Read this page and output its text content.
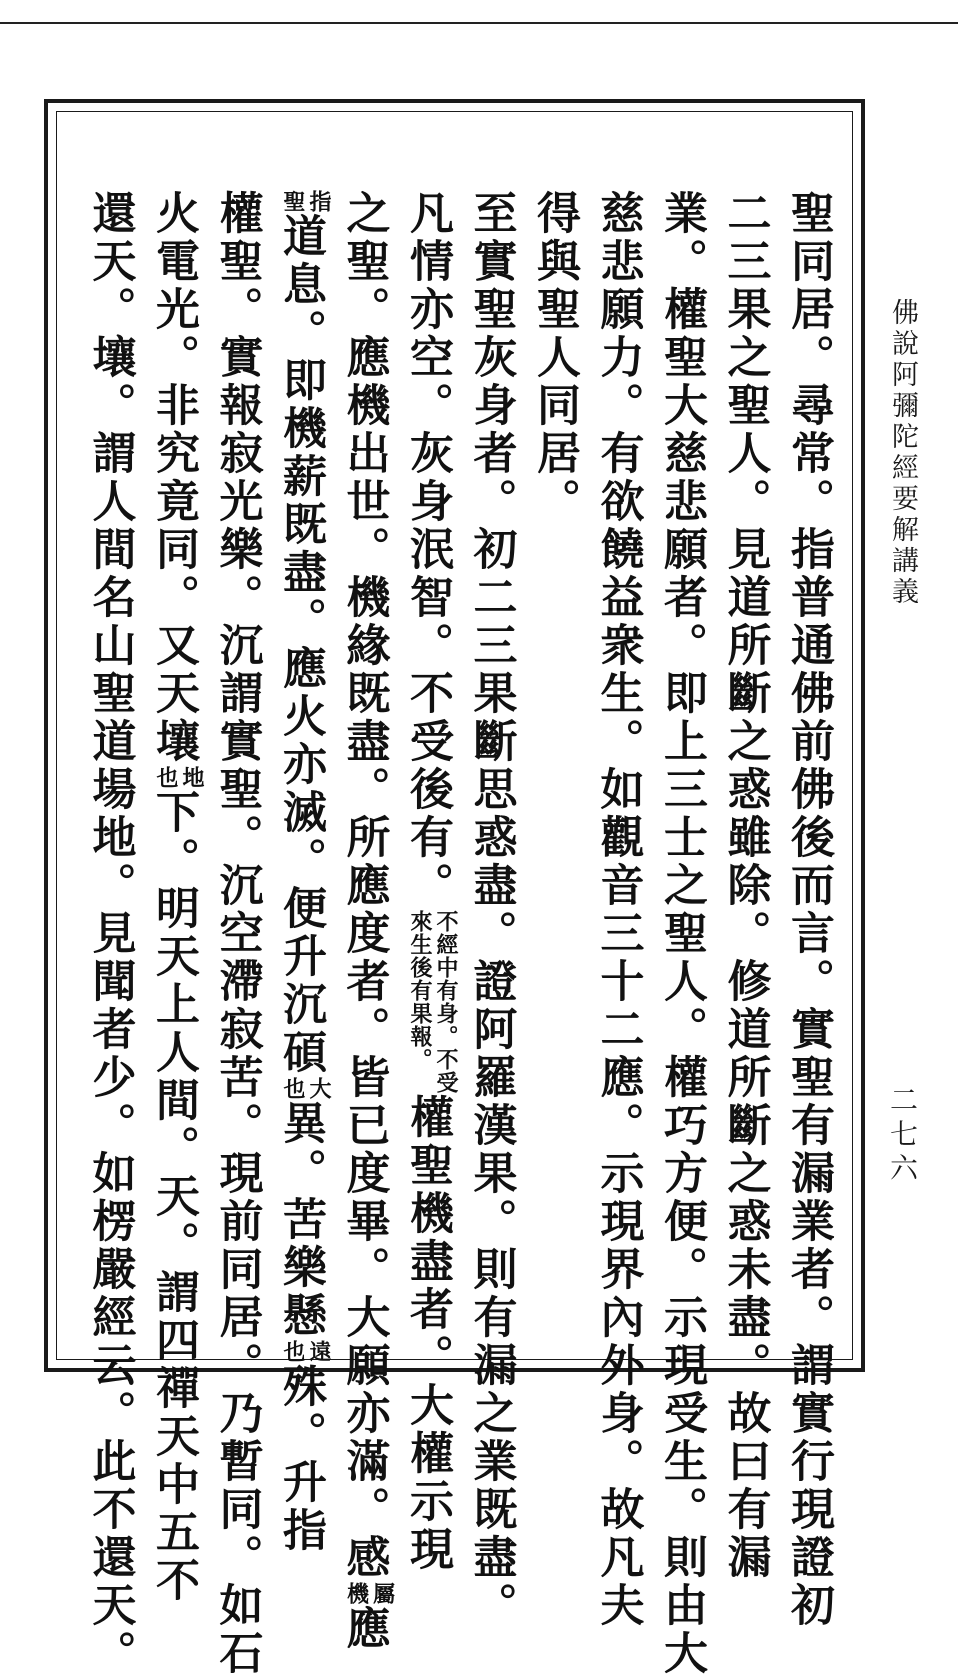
佛說阿彌陀經要解講義
二七六
聖同居。尋常。指普通佛前佛後而言。實聖有漏業者。謂實行現證初
二三果之聖人。見道所斷之惑雖除。修道所斷之惑未盡。故曰有漏
業。權聖大慈悲願者。即上三士之聖人。權巧方便。示現受生。則由大
慈悲願力。有欲饒益衆生。如觀音三十二應。示現界內外身。故凡夫
得與聖人同居。
至實聖灰身者。初二三果斷思惑盡。證阿羅漢果。則有漏之業既盡。
凡情亦空。灰身泯智。不受後有。
不經中有身。不受
來生後有果報。
權聖機盡者。大權示現
之聖。應機出世。機緣既盡。所應度者。皆已度畢。大願亦滿。感
屬
機
應
指
聖
道息。即機薪既盡。應火亦滅。便升沉碩
大
也
異。苦樂懸
遠
也
殊。升指
權聖。實報寂光樂。沉謂實聖。沉空滯寂苦。現前同居。乃暫同。如石
火電光。非究竟同。又天壤
地
也
下。明天上人間。天。謂四禪天中五不
還天。壤。謂人間名山聖道場地。見聞者少。如楞嚴經云。此不還天。
